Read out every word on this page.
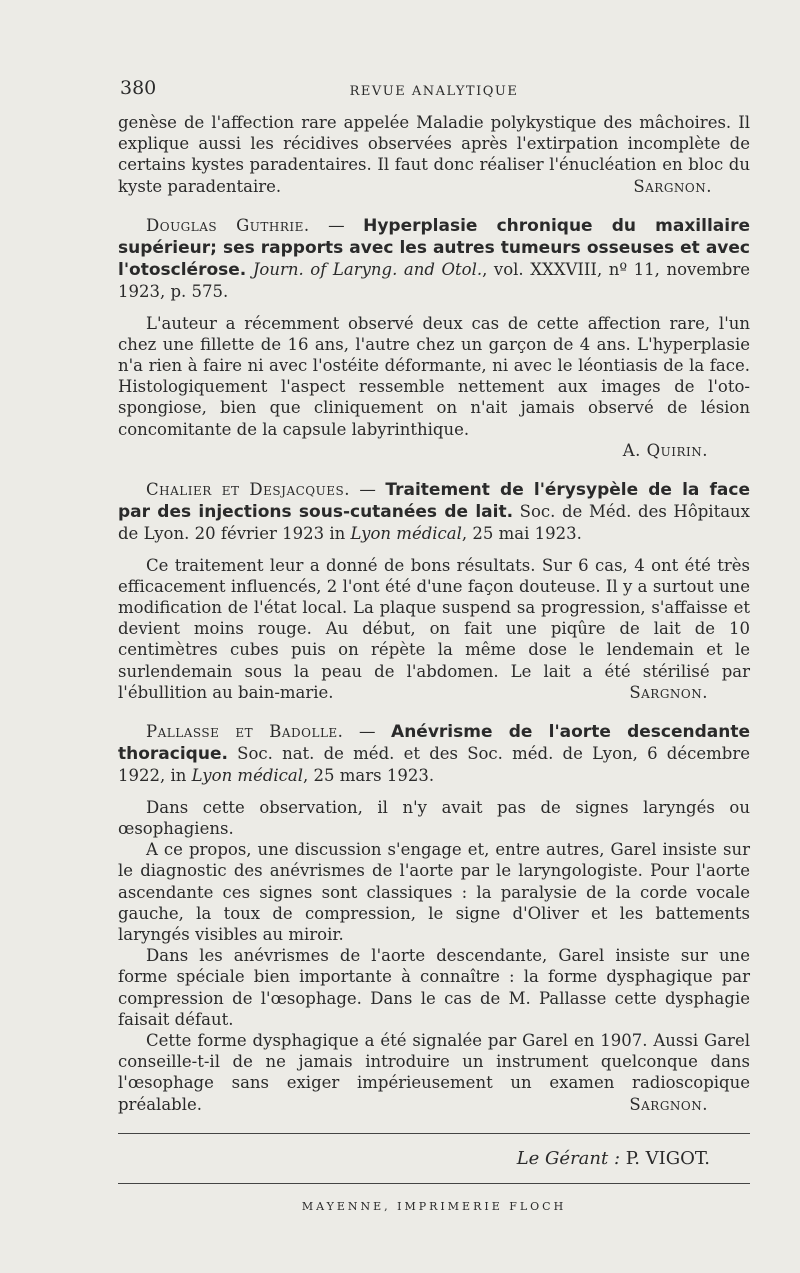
380	REVUE ANALYTIQUE

genèse de l'affection rare appelée Maladie polykystique des mâchoires. Il explique aussi les récidives observées après l'extirpation incomplète de certains kystes paradentaires. Il faut donc réaliser l'énucléation en bloc du kyste paradentaire.	Sargnon.

Douglas Guthrie. — Hyperplasie chronique du maxillaire supérieur; ses rapports avec les autres tumeurs osseuses et avec l'otosclérose. Journ. of Laryng. and Otol., vol. XXXVIII, nº 11, novembre 1923, p. 575.

L'auteur a récemment observé deux cas de cette affection rare, l'un chez une fillette de 16 ans, l'autre chez un garçon de 4 ans. L'hyperplasie n'a rien à faire ni avec l'ostéite déformante, ni avec le léontiasis de la face. Histologiquement l'aspect ressemble nettement aux images de l'oto-spongiose, bien que cliniquement on n'ait jamais observé de lésion concomitante de la capsule labyrinthique.

A. Quirin.

Chalier et Desjacques. — Traitement de l'érysypèle de la face par des injections sous-cutanées de lait. Soc. de Méd. des Hôpitaux de Lyon. 20 février 1923 in Lyon médical, 25 mai 1923.

Ce traitement leur a donné de bons résultats. Sur 6 cas, 4 ont été très efficacement influencés, 2 l'ont été d'une façon douteuse. Il y a surtout une modification de l'état local. La plaque suspend sa progression, s'affaisse et devient moins rouge. Au début, on fait une piqûre de lait de 10 centimètres cubes puis on répète la même dose le lendemain et le surlendemain sous la peau de l'abdomen. Le lait a été stérilisé par l'ébullition au bain-marie.	Sargnon.

Pallasse et Badolle. — Anévrisme de l'aorte descendante thoracique. Soc. nat. de méd. et des Soc. méd. de Lyon, 6 décembre 1922, in Lyon médical, 25 mars 1923.

Dans cette observation, il n'y avait pas de signes laryngés ou œsophagiens.

A ce propos, une discussion s'engage et, entre autres, Garel insiste sur le diagnostic des anévrismes de l'aorte par le laryngologiste. Pour l'aorte ascendante ces signes sont classiques : la paralysie de la corde vocale gauche, la toux de compression, le signe d'Oliver et les battements laryngés visibles au miroir.

Dans les anévrismes de l'aorte descendante, Garel insiste sur une forme spéciale bien importante à connaître : la forme dysphagique par compression de l'œsophage. Dans le cas de M. Pallasse cette dysphagie faisait défaut.

Cette forme dysphagique a été signalée par Garel en 1907. Aussi Garel conseille-t-il de ne jamais introduire un instrument quelconque dans l'œsophage sans exiger impérieusement un examen radioscopique préalable.	Sargnon.

Le Gérant : P. VIGOT.
MAYENNE, IMPRIMERIE FLOCH
